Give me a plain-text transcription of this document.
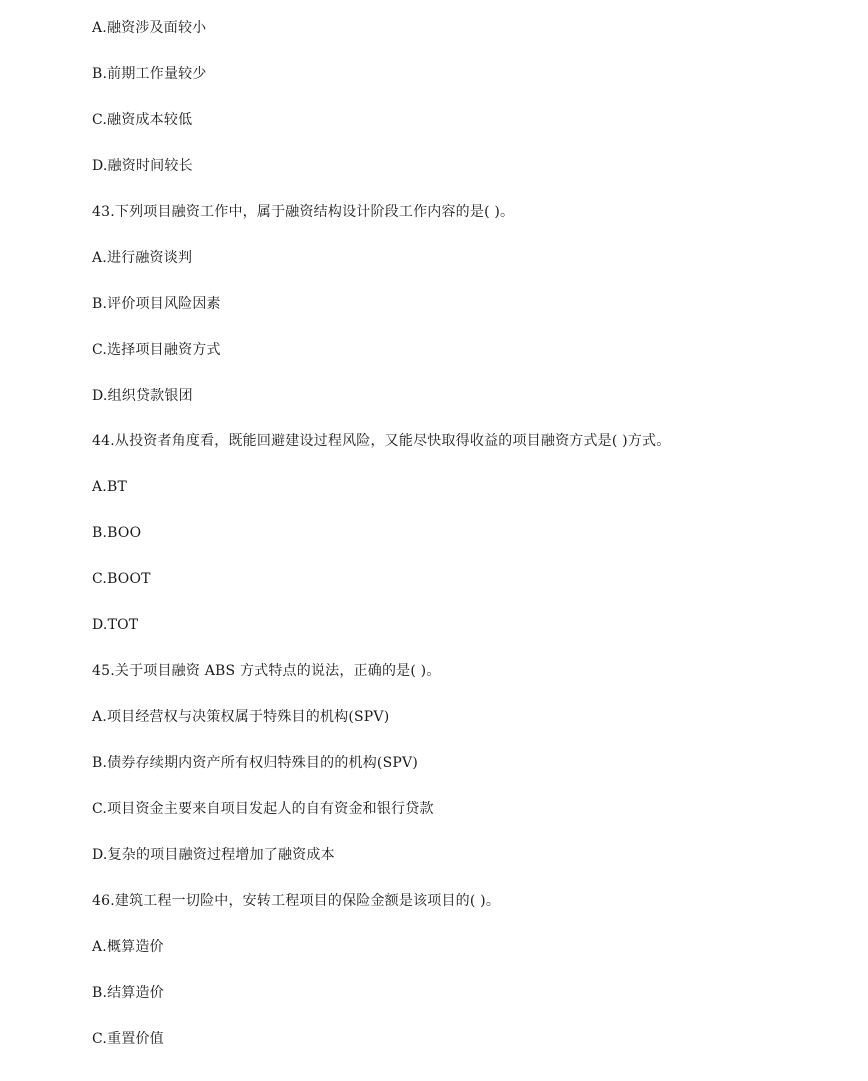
A.融资涉及面较小
B.前期工作量较少
C.融资成本较低
D.融资时间较长
43.下列项目融资工作中，属于融资结构设计阶段工作内容的是( )。
A.进行融资谈判
B.评价项目风险因素
C.选择项目融资方式
D.组织贷款银团
44.从投资者角度看，既能回避建设过程风险，又能尽快取得收益的项目融资方式是( )方式。
A.BT
B.BOO
C.BOOT
D.TOT
45.关于项目融资 ABS 方式特点的说法，正确的是( )。
A.项目经营权与决策权属于特殊目的机构(SPV)
B.债券存续期内资产所有权归特殊目的的机构(SPV)
C.项目资金主要来自项目发起人的自有资金和银行贷款
D.复杂的项目融资过程增加了融资成本
46.建筑工程一切险中，安转工程项目的保险金额是该项目的( )。
A.概算造价
B.结算造价
C.重置价值
